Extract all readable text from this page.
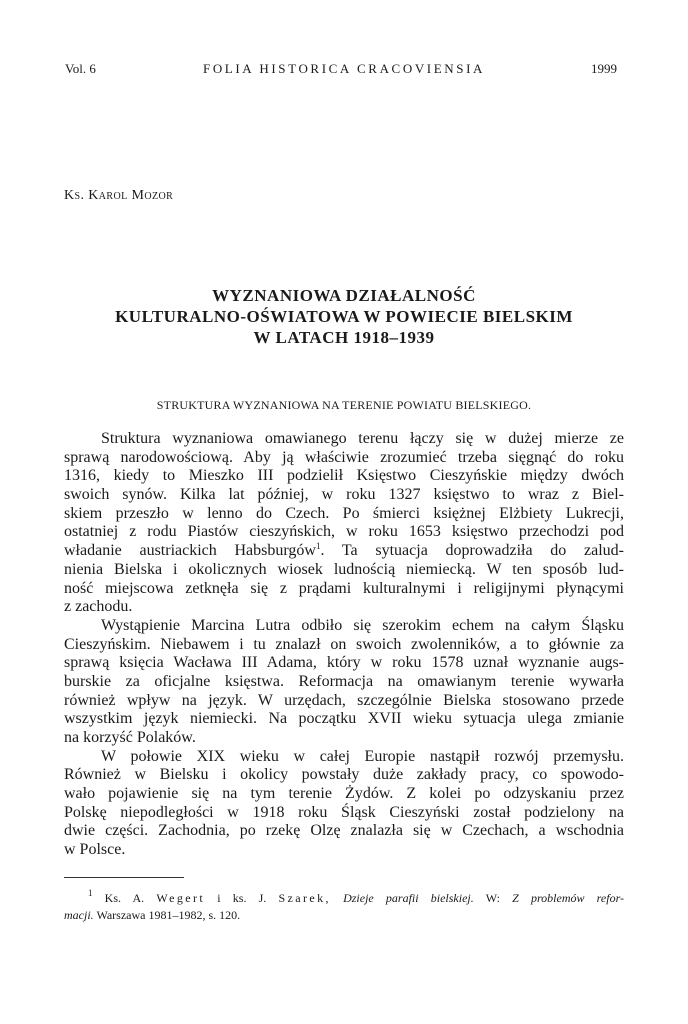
Vol. 6	FOLIA HISTORICA CRACOVIENSIA	1999
Ks. Karol Mozor
WYZNANIOWA DZIAŁALNOŚĆ
KULTURALNO-OŚWIATOWA W POWIECIE BIELSKIM
W LATACH 1918–1939
STRUKTURA WYZNANIOWA NA TERENIE POWIATU BIELSKIEGO.
Struktura wyznaniowa omawianego terenu łączy się w dużej mierze ze
sprawą narodowościową. Aby ją właściwie zrozumieć trzeba sięgnąć do roku
1316, kiedy to Mieszko III podzielił Księstwo Cieszyńskie między dwóch
swoich synów. Kilka lat później, w roku 1327 księstwo to wraz z Biel-
skiem przeszło w lenno do Czech. Po śmierci księżnej Elżbiety Lukrecji,
ostatniej z rodu Piastów cieszyńskich, w roku 1653 księstwo przechodzi pod
władanie austriackich Habsburgów$^1$. Ta sytuacja doprowadziła do zalud-
nienia Bielska i okolicznych wiosek ludnością niemiecką. W ten sposób lud-
ność miejscowa zetknęła się z prądami kulturalnymi i religijnymi płynącymi
z zachodu.
Wystąpienie Marcina Lutra odbiło się szerokim echem na całym Śląsku
Cieszyńskim. Niebawem i tu znalazł on swoich zwolenników, a to głównie za
sprawą księcia Wacława III Adama, który w roku 1578 uznał wyznanie augs-
burskie za oficjalne księstwa. Reformacja na omawianym terenie wywarła
również wpływ na język. W urzędach, szczególnie Bielska stosowano przede
wszystkim język niemiecki. Na początku XVII wieku sytuacja ulega zmianie
na korzyść Polaków.
W połowie XIX wieku w całej Europie nastąpił rozwój przemysłu.
Również w Bielsku i okolicy powstały duże zakłady pracy, co spowodo-
wało pojawienie się na tym terenie Żydów. Z kolei po odzyskaniu przez
Polskę niepodległości w 1918 roku Śląsk Cieszyński został podzielony na
dwie części. Zachodnia, po rzekę Olzę znalazła się w Czechach, a wschodnia
w Polsce.
$^1$ Ks. A. Wegert i ks. J. Szarek, Dzieje parafii bielskiej. W: Z problemów refor-
macji. Warszawa 1981–1982, s. 120.
